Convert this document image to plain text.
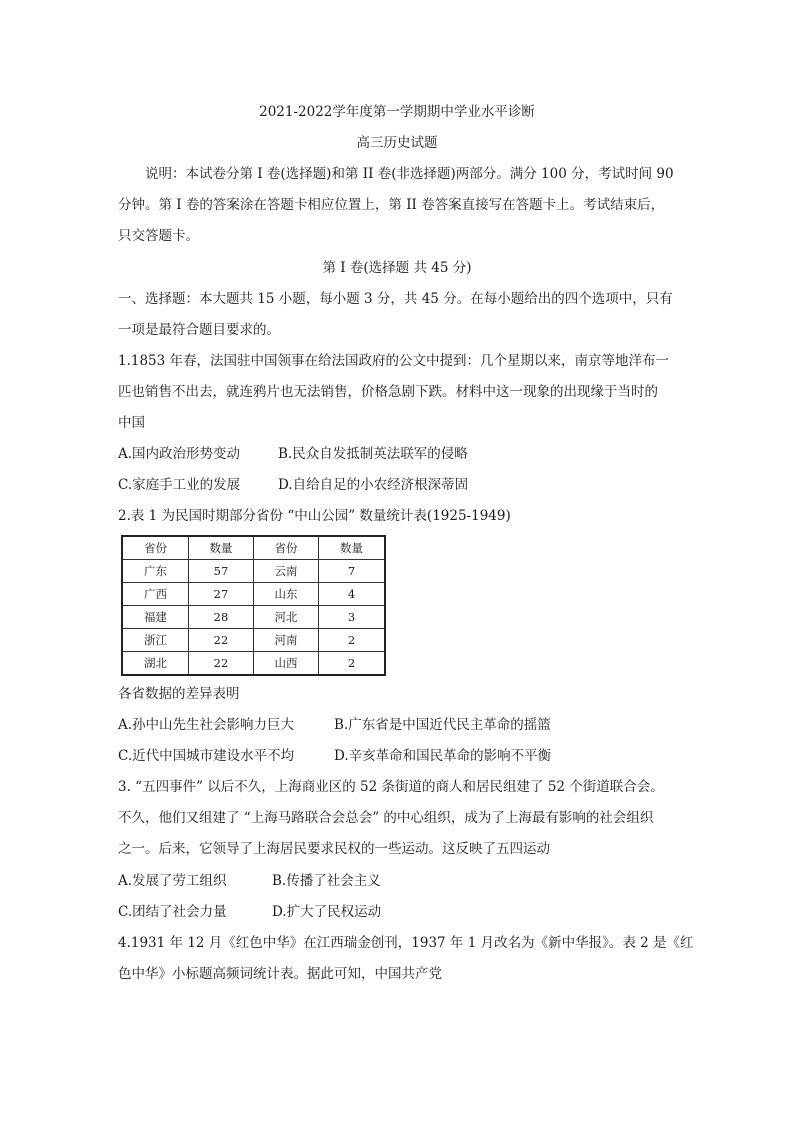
2021-2022学年度第一学期期中学业水平诊断
高三历史试题
说明：本试卷分第 I 卷(选择题)和第 II 卷(非选择题)两部分。满分 100 分，考试时间 90
分钟。第 I 卷的答案涂在答题卡相应位置上，第 II 卷答案直接写在答题卡上。考试结束后，
只交答题卡。
第 I 卷(选择题 共 45 分)
一、选择题：本大题共 15 小题，每小题 3 分，共 45 分。在每小题给出的四个选项中，只有
一项是最符合题目要求的。
1.1853 年春，法国驻中国领事在给法国政府的公文中提到：几个星期以来，南京等地洋布一
匹也销售不出去，就连鸦片也无法销售，价格急剧下跌。材料中这一现象的出现缘于当时的
中国
A.国内政治形势变动	B.民众自发抵制英法联军的侵略
C.家庭手工业的发展	D.自给自足的小农经济根深蒂固
2.表 1 为民国时期部分省份 “中山公园” 数量统计表(1925-1949)
省份	数量	省份	数量
广东	57	云南	7
广西	27	山东	4
福建	28	河北	3
浙江	22	河南	2
湖北	22	山西	2
各省数据的差异表明
A.孙中山先生社会影响力巨大	B.广东省是中国近代民主革命的摇篮
C.近代中国城市建设水平不均	D.辛亥革命和国民革命的影响不平衡
3. “五四事件” 以后不久，上海商业区的 52 条街道的商人和居民组建了 52 个街道联合会。
不久，他们又组建了 “上海马路联合会总会” 的中心组织，成为了上海最有影响的社会组织
之一。后来，它领导了上海居民要求民权的一些运动。这反映了五四运动
A.发展了劳工组织	B.传播了社会主义
C.团结了社会力量	D.扩大了民权运动
4.1931 年 12 月《红色中华》在江西瑞金创刊，1937 年 1 月改名为《新中华报》。表 2 是《红
色中华》小标题高频词统计表。据此可知，中国共产党
